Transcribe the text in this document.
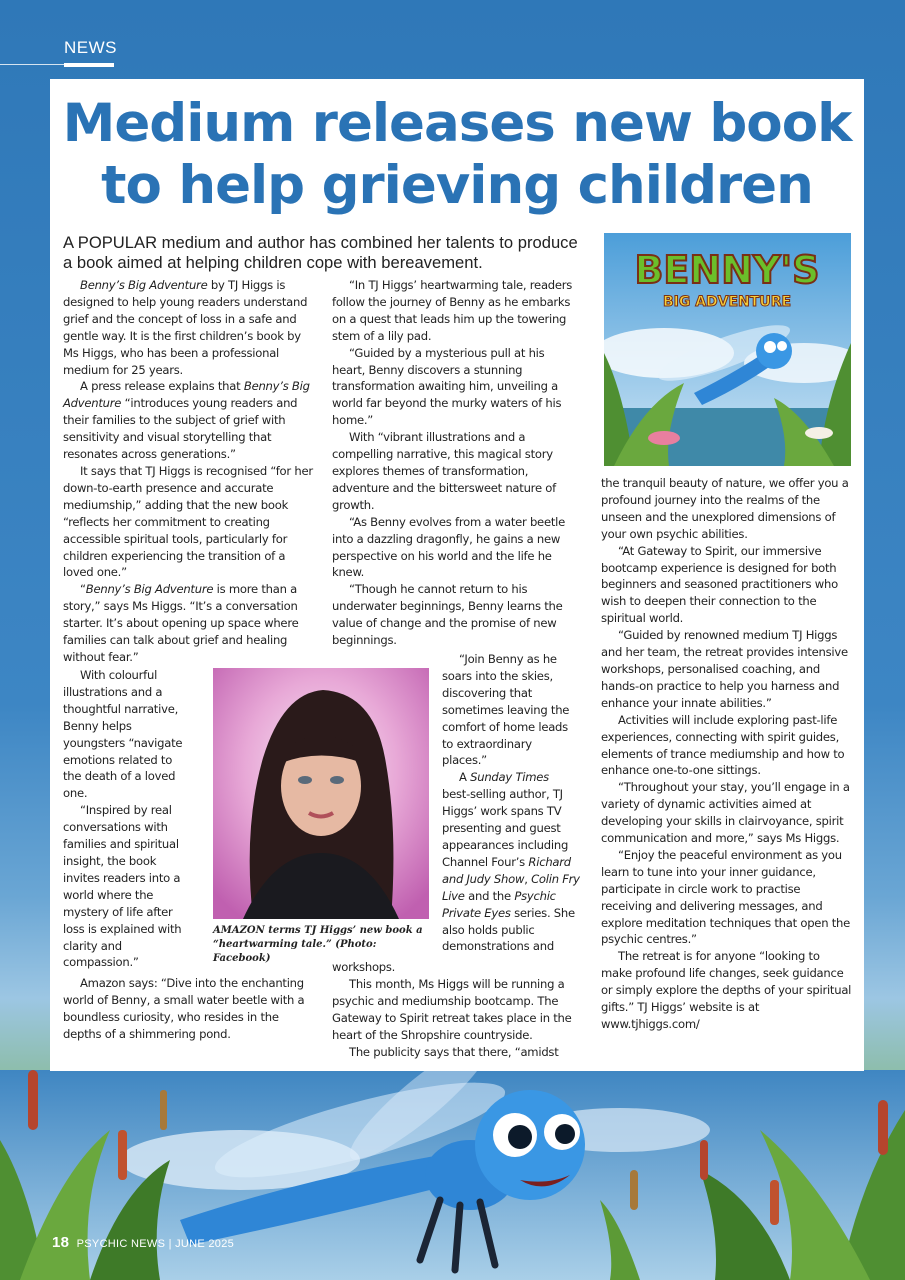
NEWS
Medium releases new book to help grieving children
A POPULAR medium and author has combined her talents to produce a book aimed at helping children cope with bereavement.	BENNY'S
BIG ADVENTURE
AMAZON terms TJ Higgs’ new book a “heartwarming tale.” (Photo: Facebook)

Benny’s Big Adventure by TJ Higgs is designed to help young readers understand grief and the concept of loss in a safe and gentle way. It is the first children’s book by Ms Higgs, who has been a professional medium for 25 years.

A press release explains that Benny’s Big Adventure “introduces young readers and their families to the subject of grief with sensitivity and visual storytelling that resonates across generations.”

It says that TJ Higgs is recognised “for her down-to-earth presence and accurate mediumship,” adding that the new book “reflects her commitment to creating accessible spiritual tools, particularly for children experiencing the transition of a loved one.”

“Benny’s Big Adventure is more than a story,” says Ms Higgs. “It’s a conversation starter. It’s about opening up space where families can talk about grief and healing without fear.”

With colourful illustrations and a thoughtful narrative, Benny helps youngsters “navigate emotions related to the death of a loved one.

“Inspired by real conversations with families and spiritual insight, the book invites readers into a world where the mystery of life after loss is explained with clarity and compassion.”

Amazon says: “Dive into the enchanting world of Benny, a small water beetle with a boundless curiosity, who resides in the depths of a shimmering pond.

“In TJ Higgs’ heartwarming tale, readers follow the journey of Benny as he embarks on a quest that leads him up the towering stem of a lily pad.

“Guided by a mysterious pull at his heart, Benny discovers a stunning transformation awaiting him, unveiling a world far beyond the murky waters of his home.”

With “vibrant illustrations and a compelling narrative, this magical story explores themes of transformation, adventure and the bittersweet nature of growth.

“As Benny evolves from a water beetle into a dazzling dragonfly, he gains a new perspective on his world and the life he knew.

“Though he cannot return to his underwater beginnings, Benny learns the value of change and the promise of new beginnings.

“Join Benny as he soars into the skies, discovering that sometimes leaving the comfort of home leads to extraordinary places.”

A Sunday Times best-selling author, TJ Higgs’ work spans TV presenting and guest appearances including Channel Four’s Richard and Judy Show, Colin Fry Live and the Psychic Private Eyes series. She also holds public demonstrations and

workshops.

This month, Ms Higgs will be running a psychic and mediumship bootcamp. The Gateway to Spirit retreat takes place in the heart of the Shropshire countryside.

The publicity says that there, “amidst

the tranquil beauty of nature, we offer you a profound journey into the realms of the unseen and the unexplored dimensions of your own psychic abilities.

“At Gateway to Spirit, our immersive bootcamp experience is designed for both beginners and seasoned practitioners who wish to deepen their connection to the spiritual world.

“Guided by renowned medium TJ Higgs and her team, the retreat provides intensive workshops, personalised coaching, and hands-on practice to help you harness and enhance your innate abilities.”

Activities will include exploring past-life experiences, connecting with spirit guides, elements of trance mediumship and how to enhance one-to-one sittings.

“Throughout your stay, you’ll engage in a variety of dynamic activities aimed at developing your skills in clairvoyance, spirit communication and more,” says Ms Higgs.

“Enjoy the peaceful environment as you learn to tune into your inner guidance, participate in circle work to practise receiving and delivering messages, and explore meditation techniques that open the psychic centres.”

The retreat is for anyone “looking to make profound life changes, seek guidance or simply explore the depths of your spiritual gifts.” TJ Higgs’ website is at www.tjhiggs.com/

18 PSYCHIC NEWS | JUNE 2025
